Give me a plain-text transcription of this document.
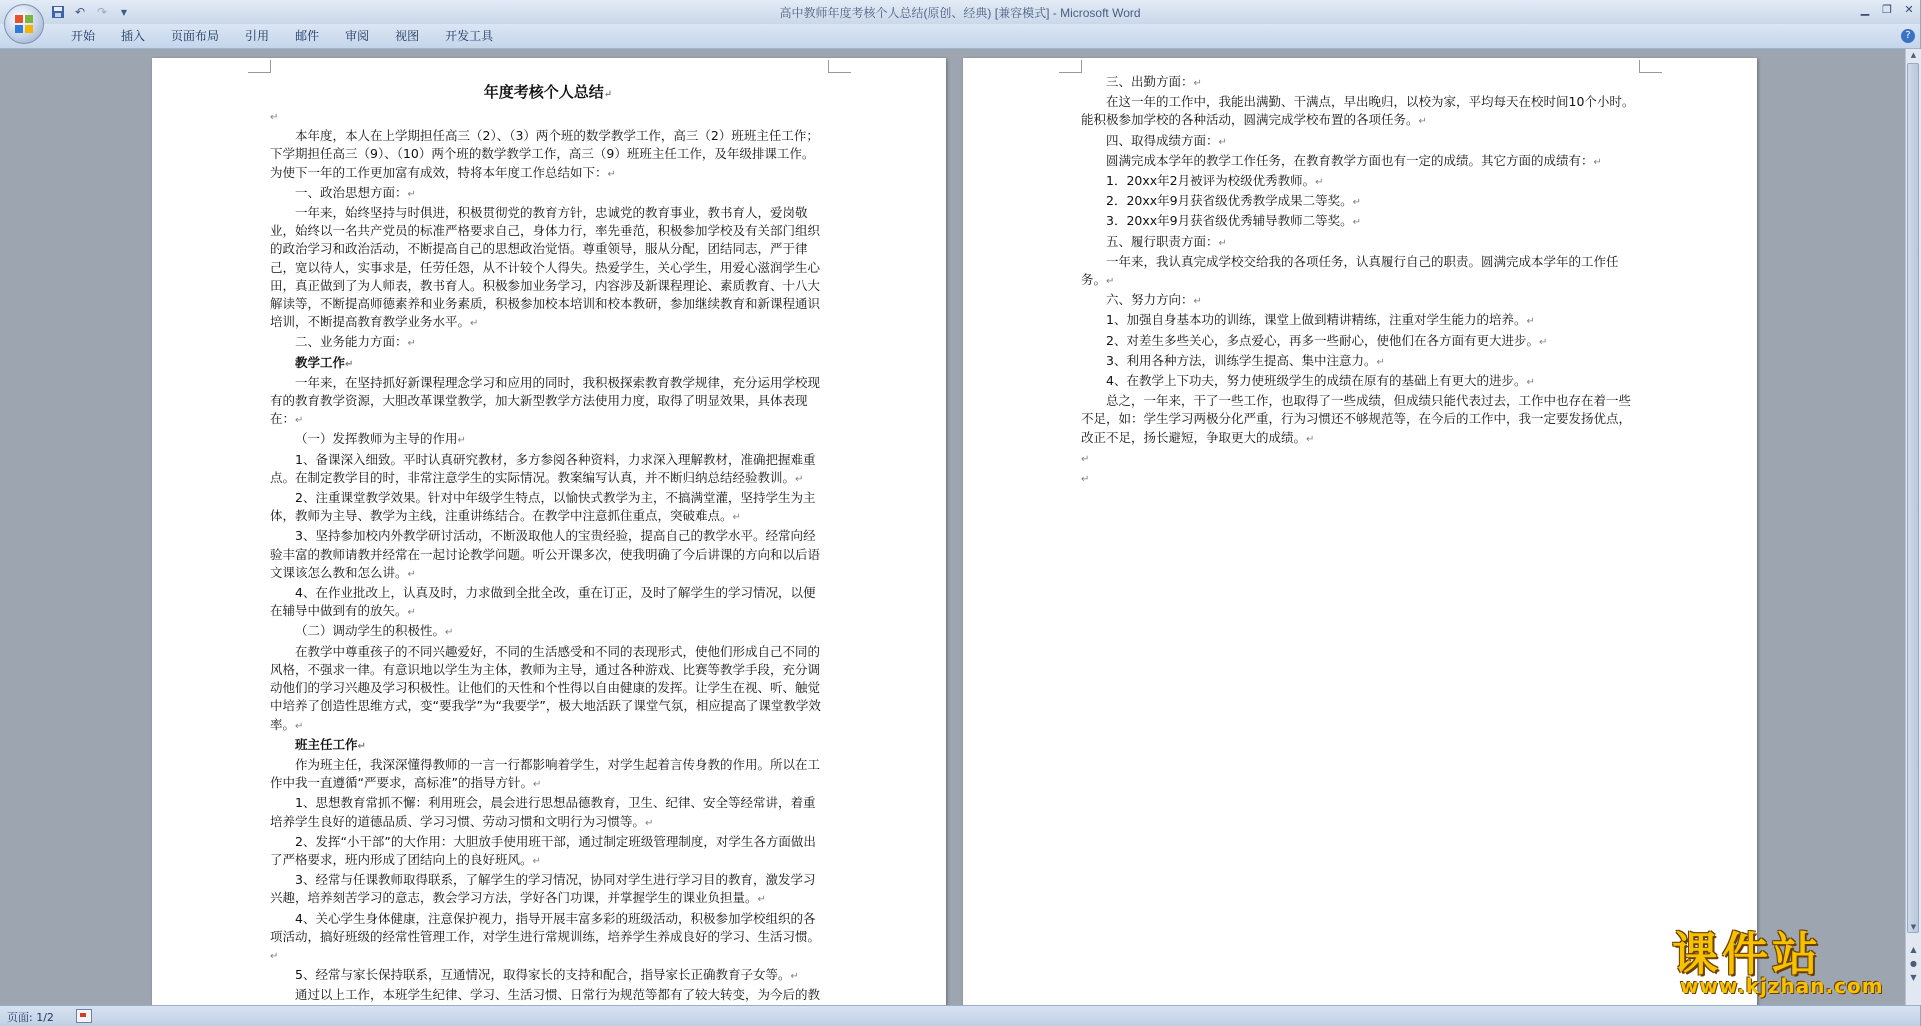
↶ ↷	▼	高中教师年度考核个人总结(原创、经典) [兼容模式] - Microsoft Word	▁	❐	✕
开始	插入	页面布局	引用	邮件	审阅	视图	开发工具	?

年度考核个人总结↵

↵

本年度，本人在上学期担任高三（2）、（3）两个班的数学教学工作，高三（2）班班主任工作；下学期担任高三（9）、（10）两个班的数学教学工作，高三（9）班班主任工作，及年级排课工作。为使下一年的工作更加富有成效，特将本年度工作总结如下：↵

一、政治思想方面：↵

一年来，始终坚持与时俱进，积极贯彻党的教育方针，忠诚党的教育事业，教书育人，爱岗敬业，始终以一名共产党员的标准严格要求自己，身体力行，率先垂范，积极参加学校及有关部门组织的政治学习和政治活动，不断提高自己的思想政治觉悟。尊重领导，服从分配，团结同志，严于律己，宽以待人，实事求是，任劳任怨，从不计较个人得失。热爱学生，关心学生，用爱心滋润学生心田，真正做到了为人师表，教书育人。积极参加业务学习，内容涉及新课程理论、素质教育、十八大解读等，不断提高师德素养和业务素质，积极参加校本培训和校本教研，参加继续教育和新课程通识培训，不断提高教育教学业务水平。↵

二、业务能力方面：↵

教学工作↵

一年来，在坚持抓好新课程理念学习和应用的同时，我积极探索教育教学规律，充分运用学校现有的教育教学资源，大胆改革课堂教学，加大新型教学方法使用力度，取得了明显效果，具体表现在：↵

（一）发挥教师为主导的作用↵

1、备课深入细致。平时认真研究教材，多方参阅各种资料，力求深入理解教材，准确把握难重点。在制定教学目的时，非常注意学生的实际情况。教案编写认真，并不断归纳总结经验教训。↵

2、注重课堂教学效果。针对中年级学生特点，以愉快式教学为主，不搞满堂灌，坚持学生为主体，教师为主导、教学为主线，注重讲练结合。在教学中注意抓住重点，突破难点。↵

3、坚持参加校内外教学研讨活动，不断汲取他人的宝贵经验，提高自己的教学水平。经常向经验丰富的教师请教并经常在一起讨论教学问题。听公开课多次，使我明确了今后讲课的方向和以后语文课该怎么教和怎么讲。↵

4、在作业批改上，认真及时，力求做到全批全改，重在订正，及时了解学生的学习情况，以便在辅导中做到有的放矢。↵

（二）调动学生的积极性。↵

在教学中尊重孩子的不同兴趣爱好，不同的生活感受和不同的表现形式，使他们形成自己不同的风格，不强求一律。有意识地以学生为主体，教师为主导，通过各种游戏、比赛等教学手段，充分调动他们的学习兴趣及学习积极性。让他们的天性和个性得以自由健康的发挥。让学生在视、听、触觉中培养了创造性思维方式，变“要我学”为“我要学”，极大地活跃了课堂气氛，相应提高了课堂教学效率。↵

班主任工作↵

作为班主任，我深深懂得教师的一言一行都影响着学生，对学生起着言传身教的作用。所以在工作中我一直遵循“严要求，高标准”的指导方针。↵

1、思想教育常抓不懈：利用班会，晨会进行思想品德教育，卫生、纪律、安全等经常讲，着重培养学生良好的道德品质、学习习惯、劳动习惯和文明行为习惯等。↵

2、发挥“小干部”的大作用：大胆放手使用班干部，通过制定班级管理制度，对学生各方面做出了严格要求，班内形成了团结向上的良好班风。↵

3、经常与任课教师取得联系，了解学生的学习情况，协同对学生进行学习目的教育，激发学习兴趣，培养刻苦学习的意志，教会学习方法，学好各门功课，并掌握学生的课业负担量。↵

4、关心学生身体健康，注意保护视力，指导开展丰富多彩的班级活动，积极参加学校组织的各项活动，搞好班级的经常性管理工作，对学生进行常规训练，培养学生养成良好的学习、生活习惯。↵

5、经常与家长保持联系，互通情况，取得家长的支持和配合，指导家长正确教育子女等。↵

通过以上工作，本班学生纪律、学习、生活习惯、日常行为规范等都有了较大转变，为今后的教

三、出勤方面：↵

在这一年的工作中，我能出满勤、干满点，早出晚归，以校为家，平均每天在校时间10个小时。能积极参加学校的各种活动，圆满完成学校布置的各项任务。↵

四、取得成绩方面：↵

圆满完成本学年的教学工作任务，在教育教学方面也有一定的成绩。其它方面的成绩有：↵

1．20xx年2月被评为校级优秀教师。↵

2．20xx年9月获省级优秀教学成果二等奖。↵

3．20xx年9月获省级优秀辅导教师二等奖。↵

五、履行职责方面：↵

一年来，我认真完成学校交给我的各项任务，认真履行自己的职责。圆满完成本学年的工作任务。↵

六、努力方向：↵

1、加强自身基本功的训练，课堂上做到精讲精练，注重对学生能力的培养。↵

2、对差生多些关心，多点爱心，再多一些耐心，使他们在各方面有更大进步。↵

3、利用各种方法，训练学生提高、集中注意力。↵

4、在教学上下功夫，努力使班级学生的成绩在原有的基础上有更大的进步。↵

总之，一年来，干了一些工作，也取得了一些成绩，但成绩只能代表过去，工作中也存在着一些不足，如：学生学习两极分化严重，行为习惯还不够规范等，在今后的工作中，我一定要发扬优点，改正不足，扬长避短，争取更大的成绩。↵

↵

↵

▲
▼
▲
●
▼
页面: 1/2
课件站
www.kjzhan.com
